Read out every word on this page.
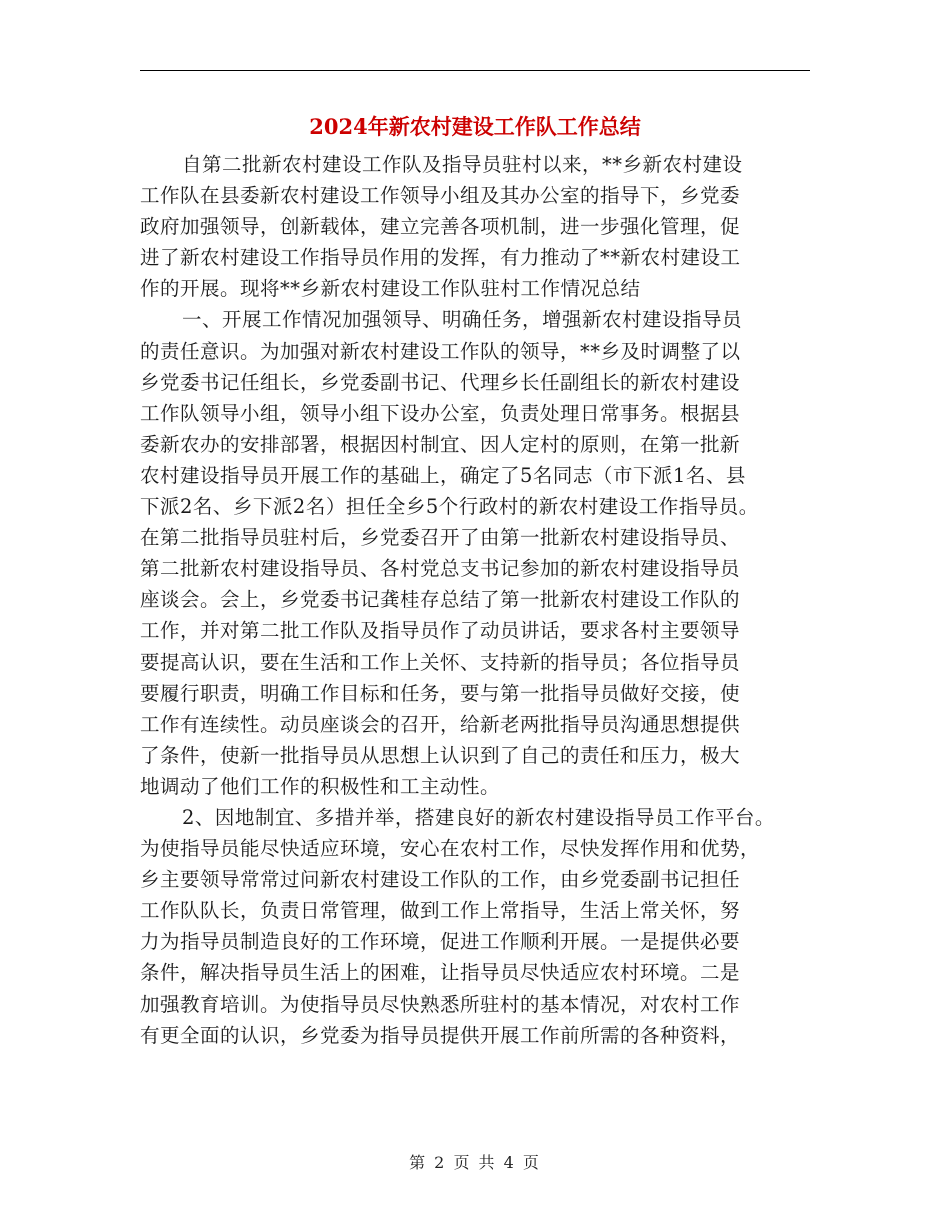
2024年新农村建设工作队工作总结
自第二批新农村建设工作队及指导员驻村以来，**乡新农村建设
工作队在县委新农村建设工作领导小组及其办公室的指导下，乡党委
政府加强领导，创新载体，建立完善各项机制，进一步强化管理，促
进了新农村建设工作指导员作用的发挥，有力推动了**新农村建设工
作的开展。现将**乡新农村建设工作队驻村工作情况总结
一、开展工作情况加强领导、明确任务，增强新农村建设指导员
的责任意识。为加强对新农村建设工作队的领导，**乡及时调整了以
乡党委书记任组长，乡党委副书记、代理乡长任副组长的新农村建设
工作队领导小组，领导小组下设办公室，负责处理日常事务。根据县
委新农办的安排部署，根据因村制宜、因人定村的原则，在第一批新
农村建设指导员开展工作的基础上，确定了5名同志（市下派1名、县
下派2名、乡下派2名）担任全乡5个行政村的新农村建设工作指导员。
在第二批指导员驻村后，乡党委召开了由第一批新农村建设指导员、
第二批新农村建设指导员、各村党总支书记参加的新农村建设指导员
座谈会。会上，乡党委书记龚桂存总结了第一批新农村建设工作队的
工作，并对第二批工作队及指导员作了动员讲话，要求各村主要领导
要提高认识，要在生活和工作上关怀、支持新的指导员；各位指导员
要履行职责，明确工作目标和任务，要与第一批指导员做好交接，使
工作有连续性。动员座谈会的召开，给新老两批指导员沟通思想提供
了条件，使新一批指导员从思想上认识到了自己的责任和压力，极大
地调动了他们工作的积极性和工主动性。
2、因地制宜、多措并举，搭建良好的新农村建设指导员工作平台。
为使指导员能尽快适应环境，安心在农村工作，尽快发挥作用和优势，
乡主要领导常常过问新农村建设工作队的工作，由乡党委副书记担任
工作队队长，负责日常管理，做到工作上常指导，生活上常关怀，努
力为指导员制造良好的工作环境，促进工作顺利开展。一是提供必要
条件，解决指导员生活上的困难，让指导员尽快适应农村环境。二是
加强教育培训。为使指导员尽快熟悉所驻村的基本情况，对农村工作
有更全面的认识，乡党委为指导员提供开展工作前所需的各种资料，
第 2 页 共 4 页
